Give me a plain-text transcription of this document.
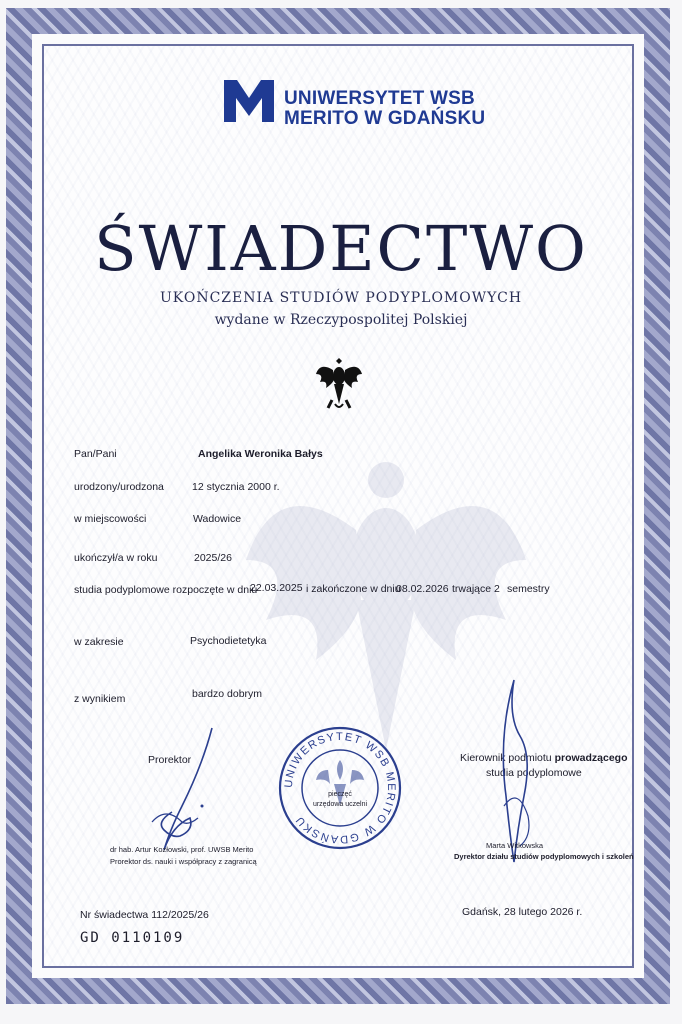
UNIWERSYTET WSB
MERITO W GDAŃSKU
ŚWIADECTWO
UKOŃCZENIA STUDIÓW PODYPLOMOWYCH
wydane w Rzeczypospolitej Polskiej
Pan/Pani	Angelika Weronika Bałys
urodzony/urodzona	12 stycznia 2000 r.
w miejscowości	Wadowice
ukończył/a w roku	2025/26
studia podyplomowe rozpoczęte w dniu
22.03.2025 i zakończone w dniu
08.02.2026 trwające 2 semestry
w zakresie	Psychodietetyka
z wynikiem	bardzo dobrym
Prorektor
dr hab. Artur Kozłowski, prof. UWSB Merito
Prorektor ds. nauki i współpracy z zagranicą
UNIWERSYTET WSB MERITO W GDAŃSKU
pieczęć
urzędowa uczelni
Kierownik podmiotu prowadzącego
studia podyplomowe
Marta Witkowska
Dyrektor działu studiów podyplomowych i szkoleń
Nr świadectwa 112/2025/26	Gdańsk, 28 lutego 2026 r.
GD 0110109
